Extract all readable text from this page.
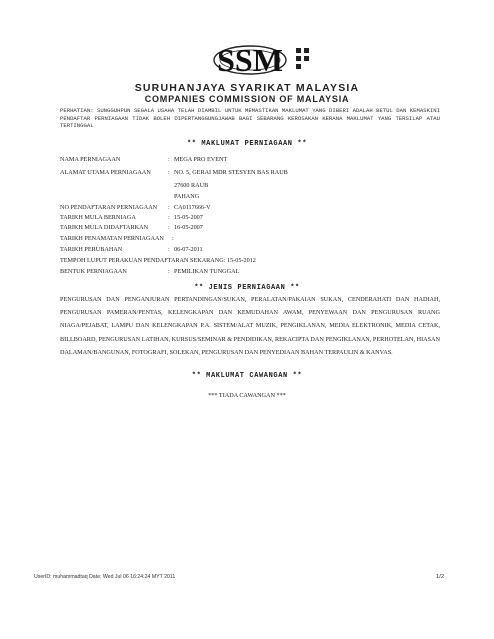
SSM
SURUHANJAYA SYARIKAT MALAYSIA
COMPANIES COMMISSION OF MALAYSIA
PERHATIAN: SUNGGUHPUN SEGALA USAHA TELAH DIAMBIL UNTUK MEMASTIKAN MAKLUMAT YANG DIBERI ADALAH BETUL DAN KEMASKINI PENDAFTAR PERNIAGAAN TIDAK BOLEH DIPERTANGGUNGJAWAB BAGI SEBARANG KEROSAKAN KERANA MAKLUMAT YANG TERSILAP ATAU TERTINGGAL
** MAKLUMAT PERNIAGAAN **
NAMA PERNIAGAAN	: MEGA PRO EVENT
ALAMAT UTAMA PERNIAGAAN	: NO. 5, GERAI MDR STESYEN BAS RAUB
27600 RAUB
PAHANG
NO PENDAFTARAN PERNIAGAAN : CA0117666-V
TARIKH MULA BERNIAGA	: 15-05-2007
TARIKH MULA DIDAFTARKAN	: 16-05-2007
TARIKH PENAMATAN PERNIAGAAN :
TARIKH PERUBAHAN	: 06-07-2011
TEMPOH LUPUT PERAKUAN PENDAFTARAN SEKARANG: 15-05-2012
BENTUK PERNIAGAAN	: PEMILIKAN TUNGGAL
** JENIS PERNIAGAAN **
PENGURUSAN DAN PENGANJURAN PERTANDINGAN/SUKAN, PERALATAN/PAKAIAN SUKAN, CENDERAHATI DAN HADIAH, PENGURUSAN PAMERAN/PENTAS, KELENGKAPAN DAN KEMUDAHAN AWAM, PENYEWAAN DAN PENGURUSAN RUANG NIAGA/PEJABAT, LAMPU DAN KELENGKAPAN P.A. SISTEM/ALAT MUZIK, PENGIKLANAN, MEDIA ELEKTRONIK, MEDIA CETAK, BILLBOARD, PENGURUSAN LATIHAN, KURSUS/SEMINAR & PENDIDIKAN, REKACIPTA DAN PENGIKLANAN, PERHOTELAN, HIASAN DALAMAN/BANGUNAN, FOTOGRAFI, SOLEKAN, PENGURUSAN DAN PENYEDIAAN BAHAN TERPAULIN & KANVAS.
** MAKLUMAT CAWANGAN **
*** TIADA CAWANGAN ***
UserID: muhammadtaq Date: Wed Jul 06 16:24:24 MYT 2011	1/2
